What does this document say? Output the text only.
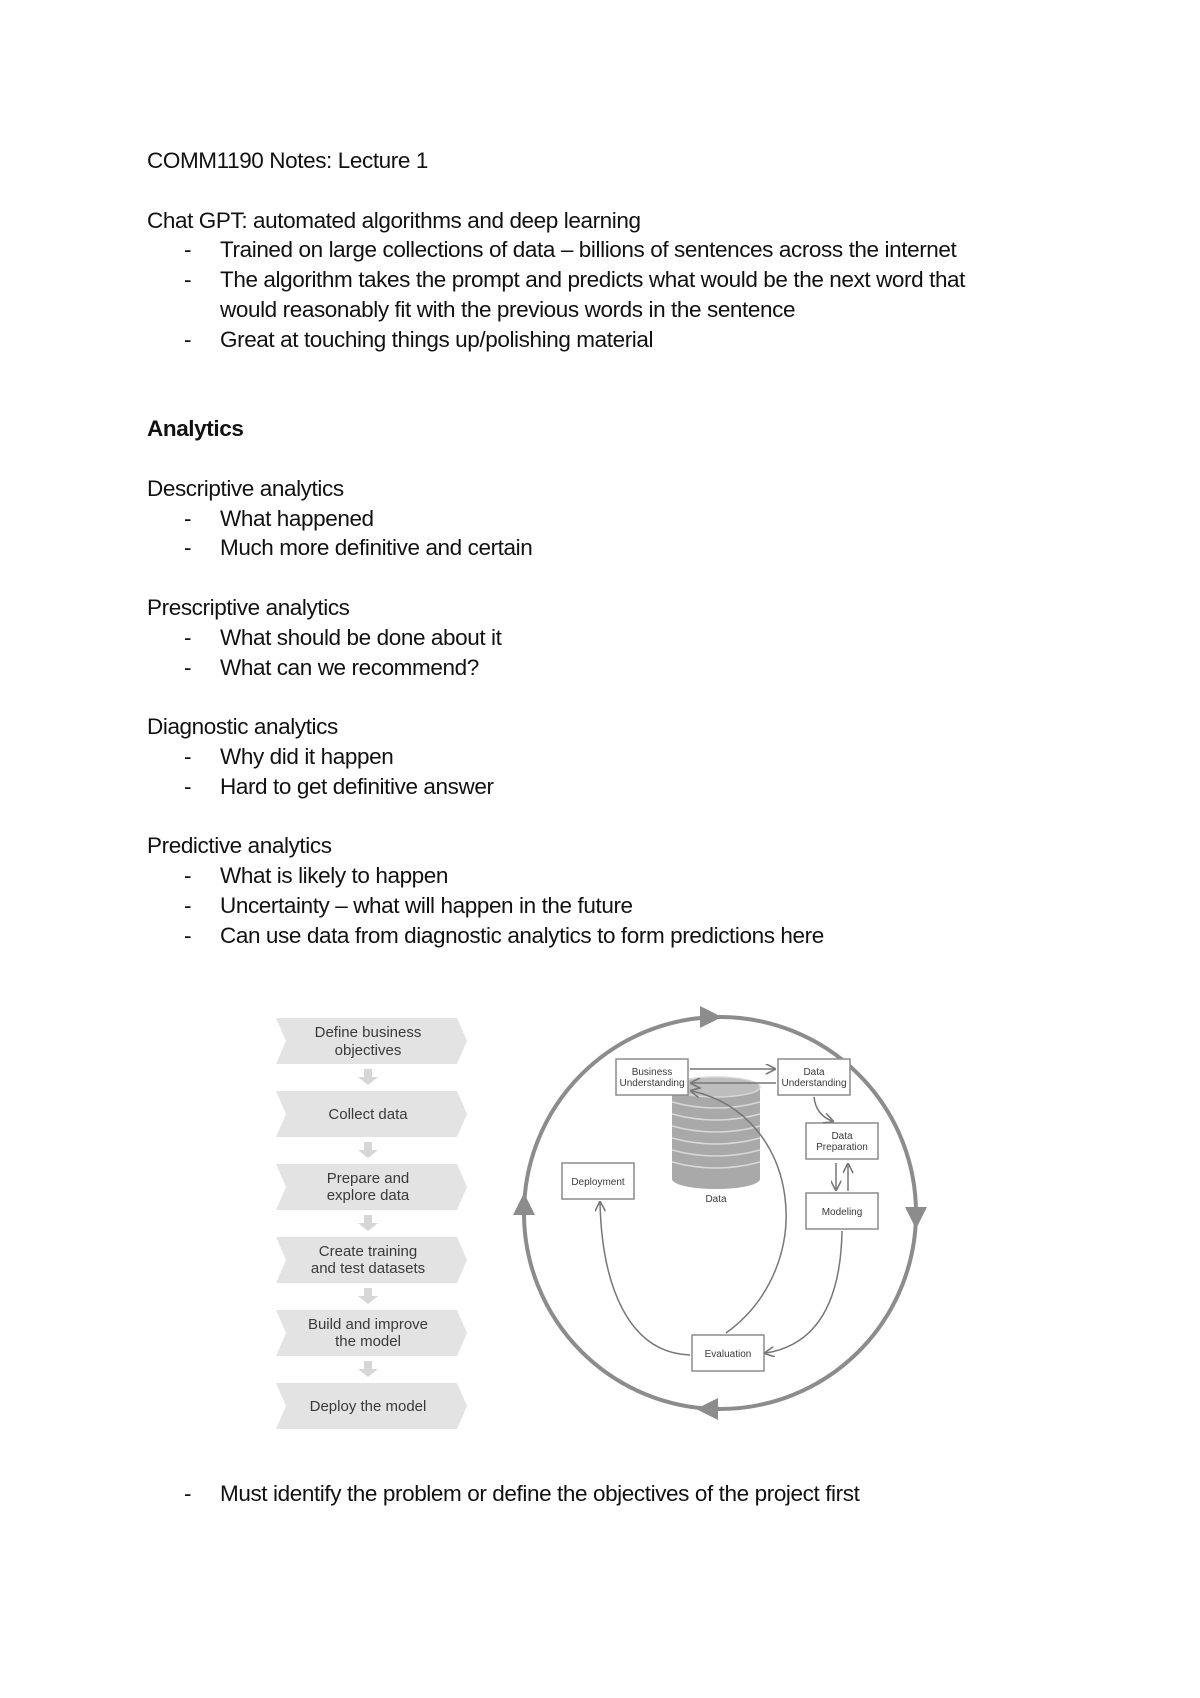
COMM1190 Notes: Lecture 1
Chat GPT: automated algorithms and deep learning
- Trained on large collections of data – billions of sentences across the internet
- The algorithm takes the prompt and predicts what would be the next word that would reasonably fit with the previous words in the sentence
- Great at touching things up/polishing material
Analytics
Descriptive analytics
- What happened
- Much more definitive and certain
Prescriptive analytics
- What should be done about it
- What can we recommend?
Diagnostic analytics
- Why did it happen
- Hard to get definitive answer
Predictive analytics
- What is likely to happen
- Uncertainty – what will happen in the future
- Can use data from diagnostic analytics to form predictions here
Define business
objectives
Collect data
Prepare and
explore data
Create training
and test datasets
Build and improve
the model
Deploy the model
Data
Business
Understanding
Data
Understanding
Data
Preparation
Modeling
Evaluation
Deployment
- Must identify the problem or define the objectives of the project first
